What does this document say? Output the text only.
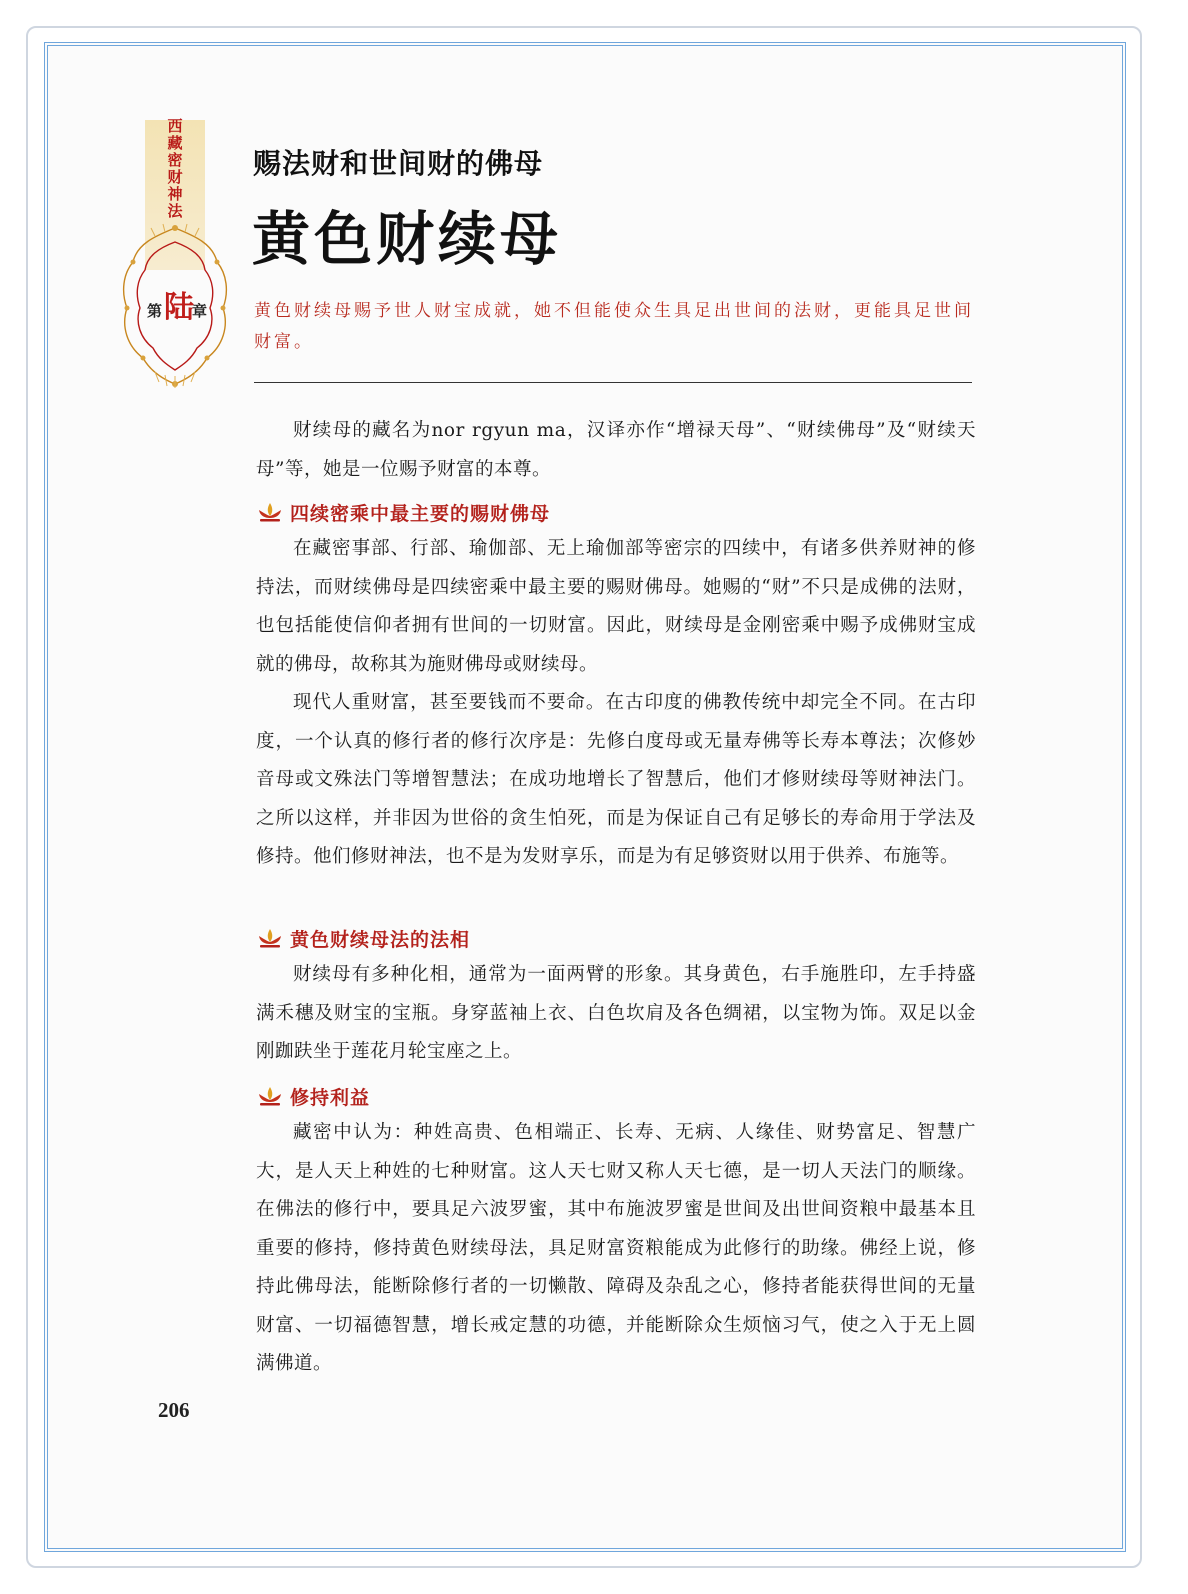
西藏密财神法
第 陆
章
赐法财和世间财的佛母
黄色财续母
黄色财续母赐予世人财宝成就，她不但能使众生具足出世间的法财，更能具足世间财富。

财续母的藏名为nor rgyun ma，汉译亦作“增禄天母”、“财续佛母”及“财续天母”等，她是一位赐予财富的本尊。

四续密乘中最主要的赐财佛母

在藏密事部、行部、瑜伽部、无上瑜伽部等密宗的四续中，有诸多供养财神的修持法，而财续佛母是四续密乘中最主要的赐财佛母。她赐的“财”不只是成佛的法财，也包括能使信仰者拥有世间的一切财富。因此，财续母是金刚密乘中赐予成佛财宝成就的佛母，故称其为施财佛母或财续母。

现代人重财富，甚至要钱而不要命。在古印度的佛教传统中却完全不同。在古印度，一个认真的修行者的修行次序是：先修白度母或无量寿佛等长寿本尊法；次修妙音母或文殊法门等增智慧法；在成功地增长了智慧后，他们才修财续母等财神法门。之所以这样，并非因为世俗的贪生怕死，而是为保证自己有足够长的寿命用于学法及修持。他们修财神法，也不是为发财享乐，而是为有足够资财以用于供养、布施等。

黄色财续母法的法相

财续母有多种化相，通常为一面两臂的形象。其身黄色，右手施胜印，左手持盛满禾穗及财宝的宝瓶。身穿蓝袖上衣、白色坎肩及各色绸裙，以宝物为饰。双足以金刚跏趺坐于莲花月轮宝座之上。

修持利益

藏密中认为：种姓高贵、色相端正、长寿、无病、人缘佳、财势富足、智慧广大，是人天上种姓的七种财富。这人天七财又称人天七德，是一切人天法门的顺缘。在佛法的修行中，要具足六波罗蜜，其中布施波罗蜜是世间及出世间资粮中最基本且重要的修持，修持黄色财续母法，具足财富资粮能成为此修行的助缘。佛经上说，修持此佛母法，能断除修行者的一切懒散、障碍及杂乱之心，修持者能获得世间的无量财富、一切福德智慧，增长戒定慧的功德，并能断除众生烦恼习气，使之入于无上圆满佛道。

206
